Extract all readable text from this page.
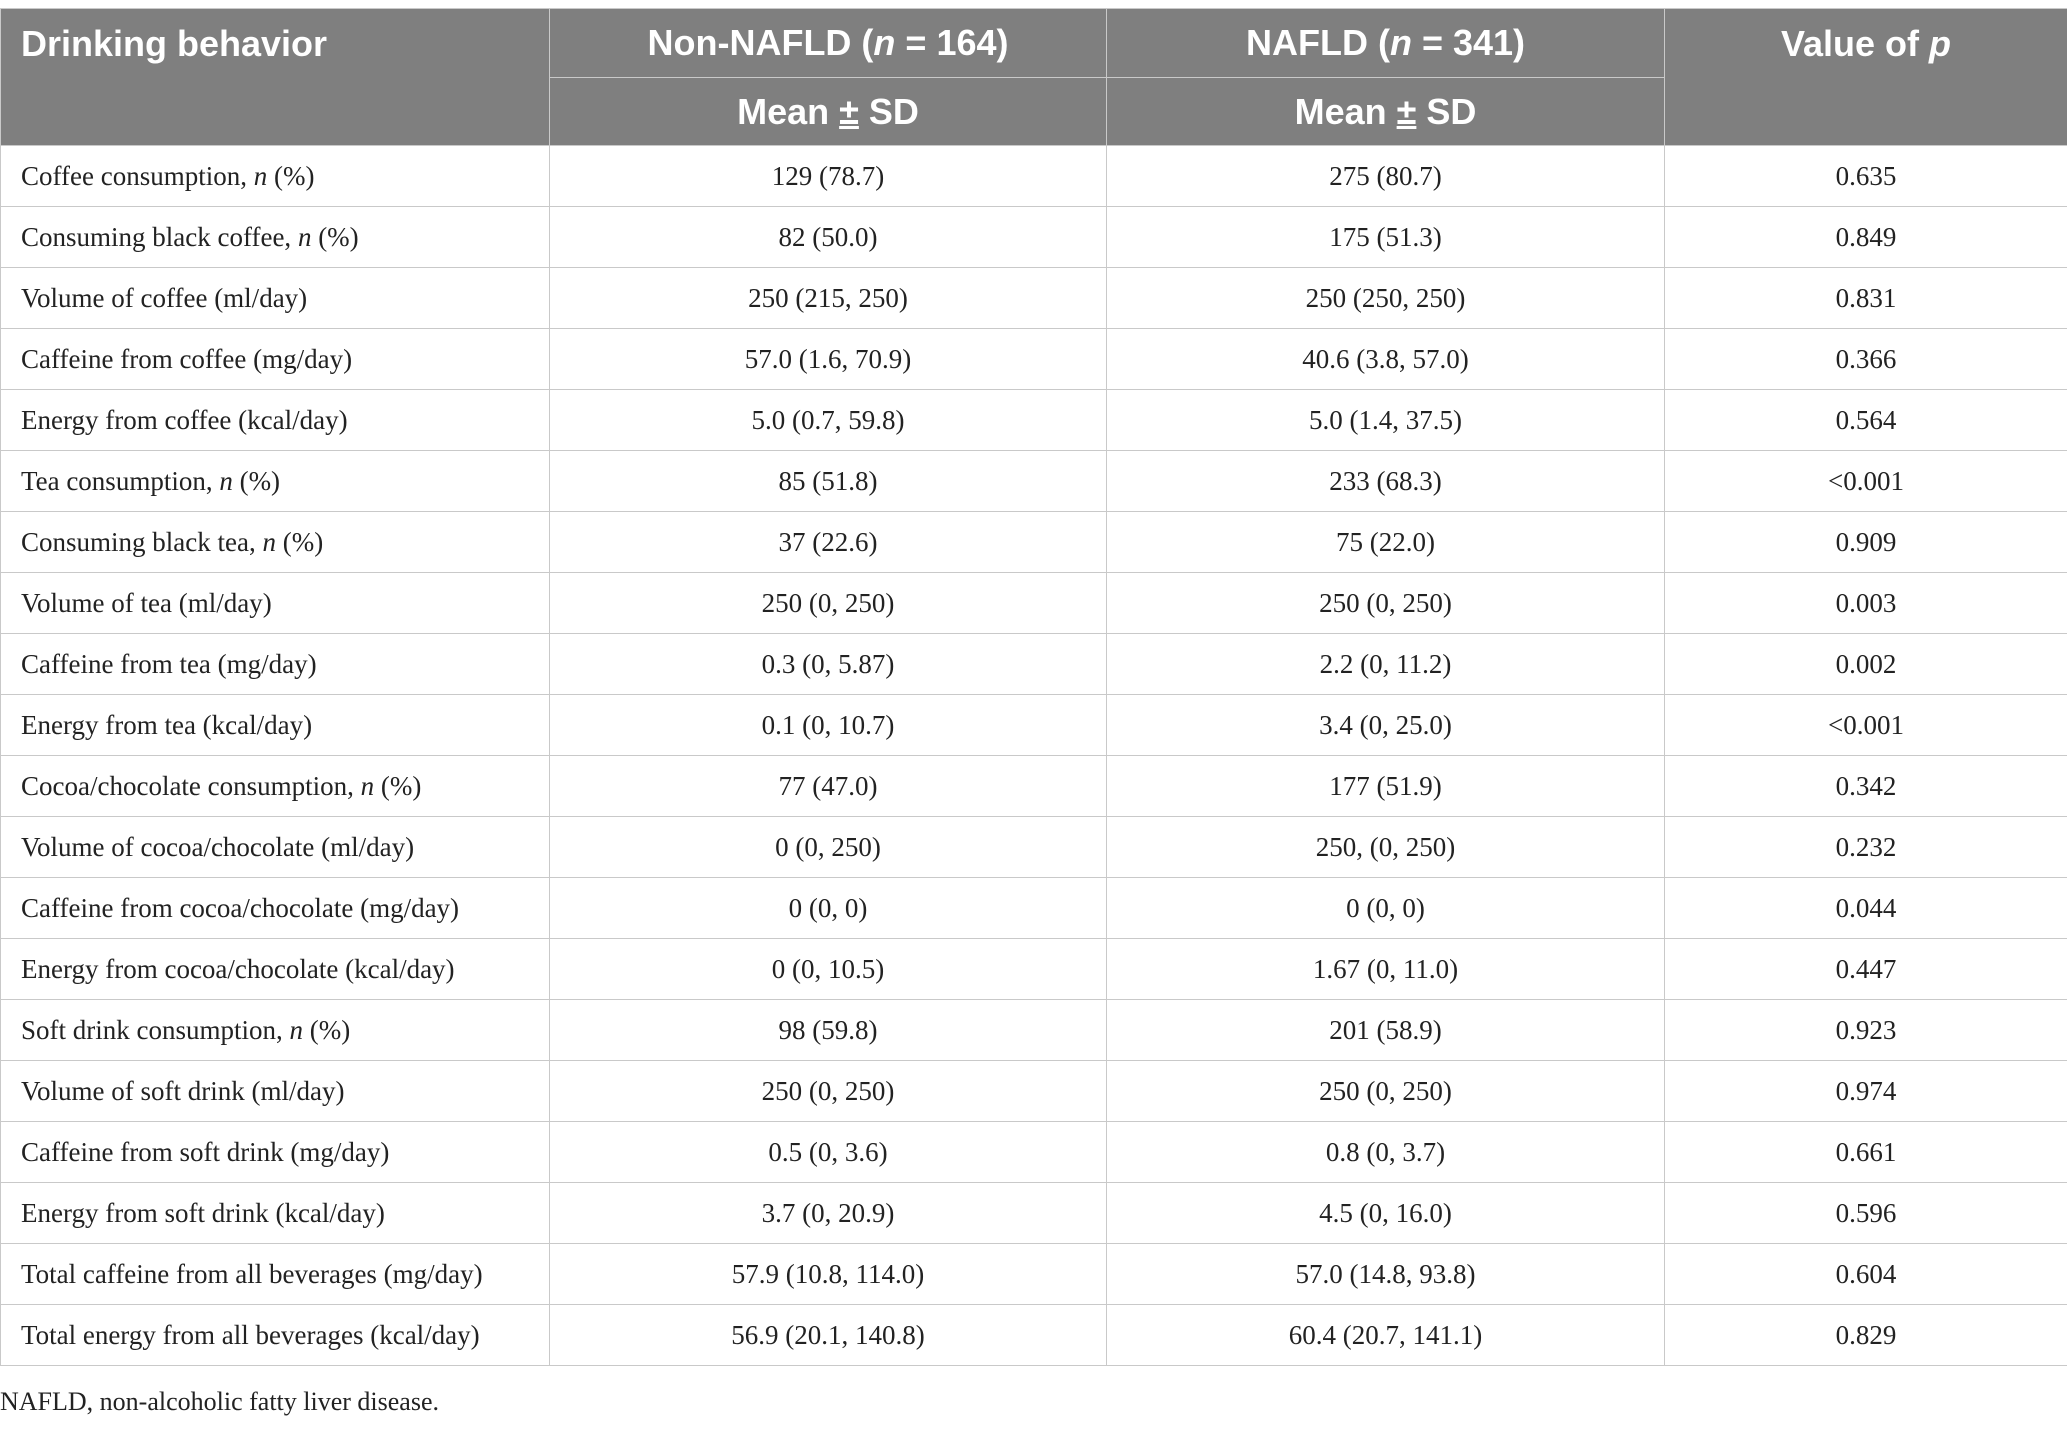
Drinking behavior	Non-NAFLD (n = 164)	NAFLD (n = 341)	Value of p
	Mean ± SD	Mean ± SD	
Coffee consumption, n (%)	129 (78.7)	275 (80.7)	0.635
Consuming black coffee, n (%)	82 (50.0)	175 (51.3)	0.849
Volume of coffee (ml/day)	250 (215, 250)	250 (250, 250)	0.831
Caffeine from coffee (mg/day)	57.0 (1.6, 70.9)	40.6 (3.8, 57.0)	0.366
Energy from coffee (kcal/day)	5.0 (0.7, 59.8)	5.0 (1.4, 37.5)	0.564
Tea consumption, n (%)	85 (51.8)	233 (68.3)	<0.001
Consuming black tea, n (%)	37 (22.6)	75 (22.0)	0.909
Volume of tea (ml/day)	250 (0, 250)	250 (0, 250)	0.003
Caffeine from tea (mg/day)	0.3 (0, 5.87)	2.2 (0, 11.2)	0.002
Energy from tea (kcal/day)	0.1 (0, 10.7)	3.4 (0, 25.0)	<0.001
Cocoa/chocolate consumption, n (%)	77 (47.0)	177 (51.9)	0.342
Volume of cocoa/chocolate (ml/day)	0 (0, 250)	250, (0, 250)	0.232
Caffeine from cocoa/chocolate (mg/day)	0 (0, 0)	0 (0, 0)	0.044
Energy from cocoa/chocolate (kcal/day)	0 (0, 10.5)	1.67 (0, 11.0)	0.447
Soft drink consumption, n (%)	98 (59.8)	201 (58.9)	0.923
Volume of soft drink (ml/day)	250 (0, 250)	250 (0, 250)	0.974
Caffeine from soft drink (mg/day)	0.5 (0, 3.6)	0.8 (0, 3.7)	0.661
Energy from soft drink (kcal/day)	3.7 (0, 20.9)	4.5 (0, 16.0)	0.596
Total caffeine from all beverages (mg/day)	57.9 (10.8, 114.0)	57.0 (14.8, 93.8)	0.604
Total energy from all beverages (kcal/day)	56.9 (20.1, 140.8)	60.4 (20.7, 141.1)	0.829
NAFLD, non-alcoholic fatty liver disease.
